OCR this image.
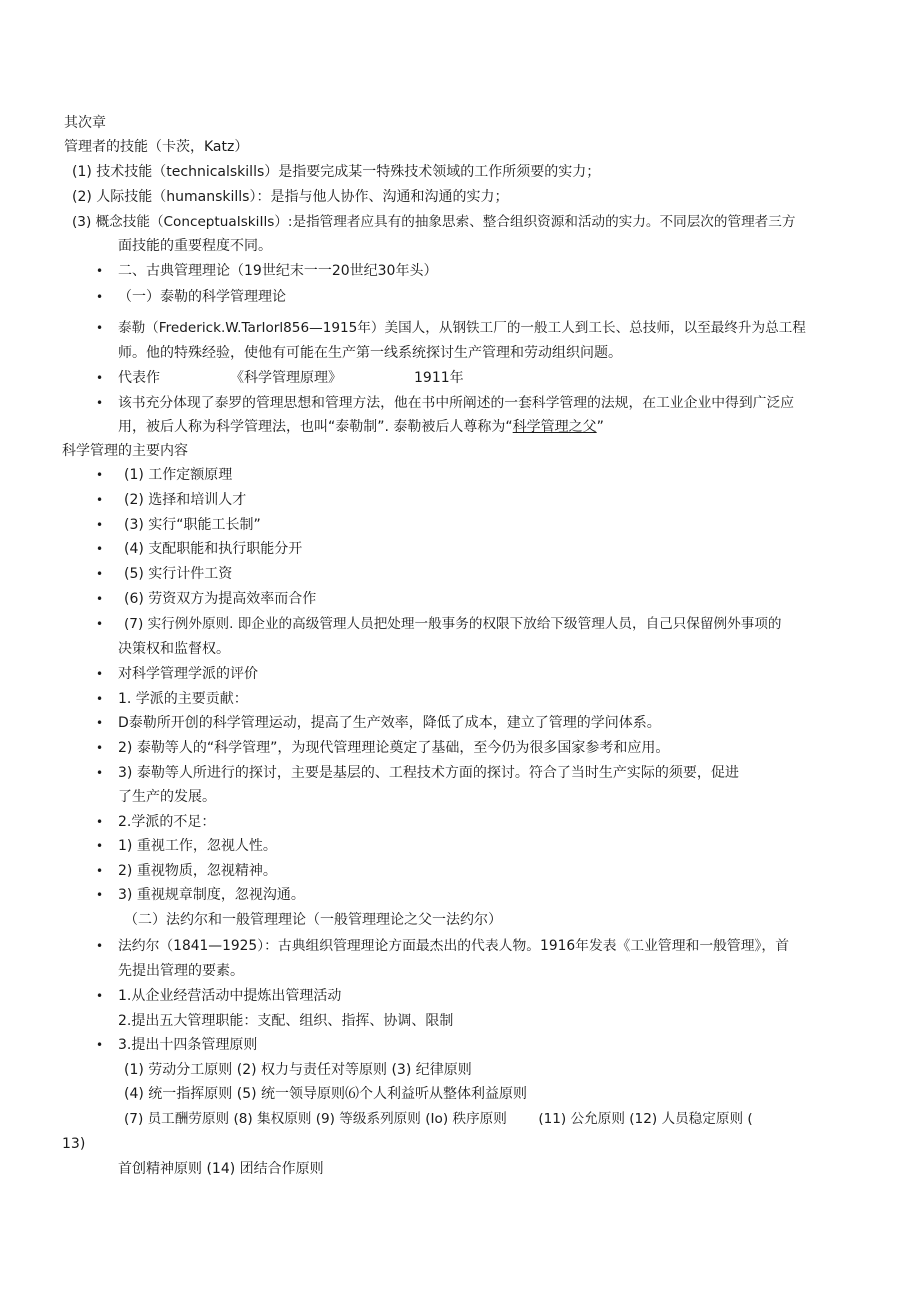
其次章
管理者的技能（卡茨，Katz）
(1) 技术技能（technicalskills）是指要完成某一特殊技术领域的工作所须要的实力；
(2) 人际技能（humanskills）：是指与他人协作、沟通和沟通的实力；
(3) 概念技能（ConceptuaIskiIls）:是指管理者应具有的抽象思索、整合组织资源和活动的实力。不同层次的管理者三方
面技能的重要程度不同。
• 二、古典管理理论（19世纪末一一20世纪30年头）
• （一）泰勒的科学管理理论
• 泰勒（Frederick.W.TarIorl856—1915年）美国人，从钢铁工厂的一般工人到工长、总技师，以至最终升为总工程
师。他的特殊经验，使他有可能在生产第一线系统探讨生产管理和劳动组织问题。
• 代表作	《科学管理原理》	1911年
• 该书充分体现了泰罗的管理思想和管理方法，他在书中所阐述的一套科学管理的法规，在工业企业中得到广泛应
用，被后人称为科学管理法，也叫“泰勒制”. 泰勒被后人尊称为“科学管理之父”
科学管理的主要内容
• (1) 工作定额原理
• (2) 选择和培训人才
• (3) 实行“职能工长制”
• (4) 支配职能和执行职能分开
• (5) 实行计件工资
• (6) 劳资双方为提高效率而合作
• (7) 实行例外原则. 即企业的高级管理人员把处理一般事务的权限下放给下级管理人员，自己只保留例外事项的
决策权和监督权。
• 对科学管理学派的评价
• 1. 学派的主要贡献：
• D泰勒所开创的科学管理运动，提高了生产效率，降低了成本，建立了管理的学问体系。
• 2) 泰勒等人的“科学管理”，为现代管理理论奠定了基础，至今仍为很多国家参考和应用。
• 3) 泰勒等人所进行的探讨，主要是基层的、工程技术方面的探讨。符合了当时生产实际的须要，促进
了生产的发展。
• 2.学派的不足：
• 1) 重视工作，忽视人性。
• 2) 重视物质，忽视精神。
• 3) 重视规章制度，忽视沟通。
（二）法约尔和一般管理理论（一般管理理论之父一法约尔）
• 法约尔（1841—1925）：古典组织管理理论方面最杰出的代表人物。1916年发表《工业管理和一般管理》，首
先提出管理的要素。
• 1.从企业经营活动中提炼出管理活动
2.提出五大管理职能：支配、组织、指挥、协调、限制
• 3.提出十四条管理原则
(1) 劳动分工原则 (2) 权力与责任对等原则 (3) 纪律原则
(4) 统一指挥原则 (5) 统一领导原则⑹个人利益听从整体利益原则
(7) 员工酬劳原则 (8) 集权原则 (9) 等级系列原则 (Io) 秩序原则 　　(11) 公允原则 (12) 人员稳定原则 (
13)
首创精神原则 (14) 团结合作原则
